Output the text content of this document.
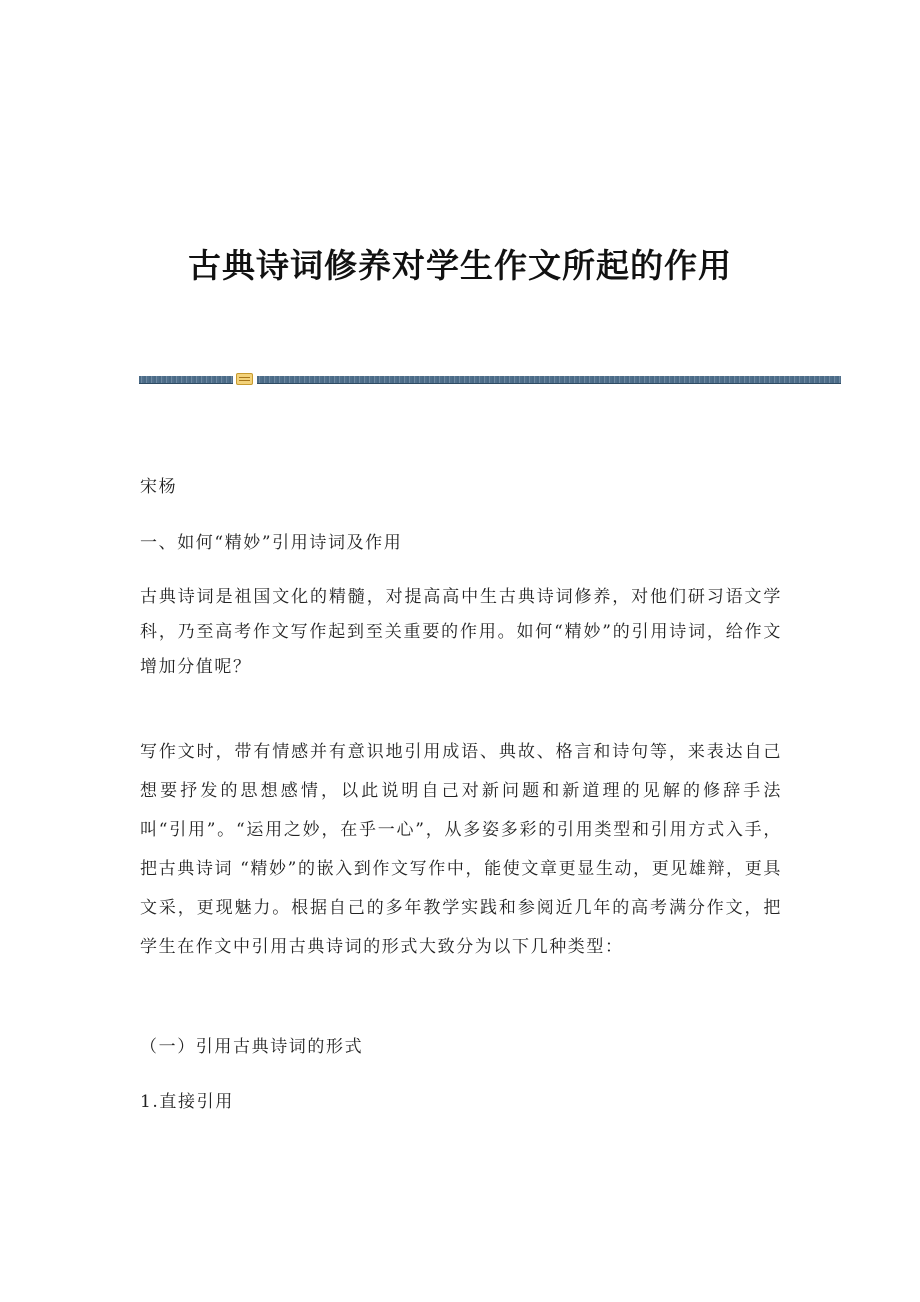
古典诗词修养对学生作文所起的作用

宋杨

一、如何“精妙”引用诗词及作用

古典诗词是祖国文化的精髓，对提高高中生古典诗词修养，对他们研习语文学科，乃至高考作文写作起到至关重要的作用。如何“精妙”的引用诗词，给作文增加分值呢？

写作文时，带有情感并有意识地引用成语、典故、格言和诗句等，来表达自己想要抒发的思想感情，以此说明自己对新问题和新道理的见解的修辞手法叫“引用”。“运用之妙，在乎一心”，从多姿多彩的引用类型和引用方式入手，把古典诗词 “精妙”的嵌入到作文写作中，能使文章更显生动，更见雄辩，更具文采，更现魅力。根据自己的多年教学实践和参阅近几年的高考满分作文，把学生在作文中引用古典诗词的形式大致分为以下几种类型：

（一）引用古典诗词的形式

1.直接引用
